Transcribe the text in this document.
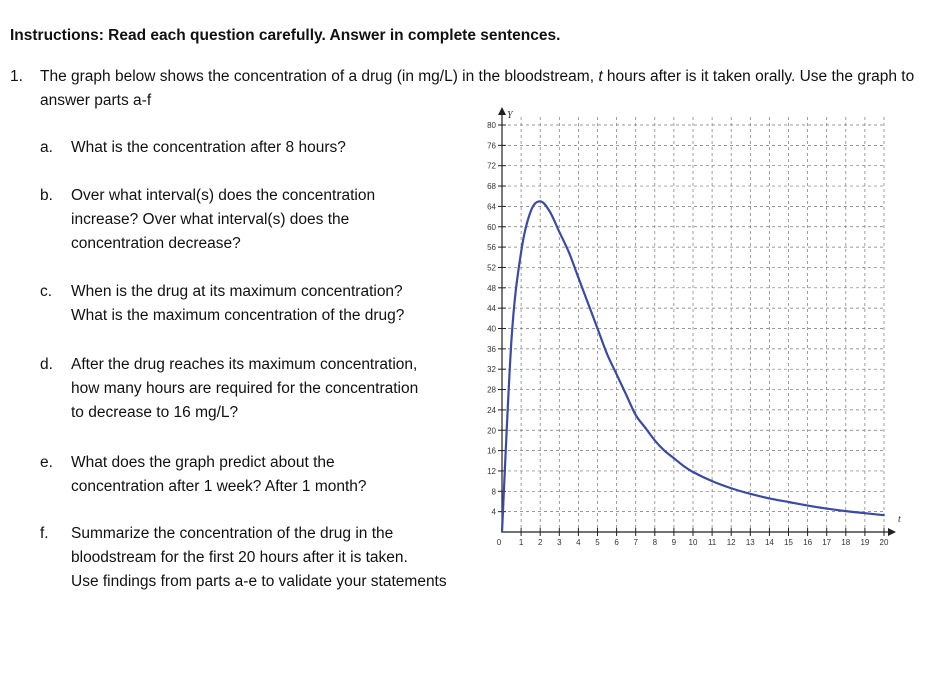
Instructions: Read each question carefully. Answer in complete sentences.
1. The graph below shows the concentration of a drug (in mg/L) in the bloodstream, t hours after is it taken orally. Use the graph to answer parts a-f
a. What is the concentration after 8 hours?
b. Over what interval(s) does the concentration
increase? Over what interval(s) does the
concentration decrease?
c. When is the drug at its maximum concentration?
What is the maximum concentration of the drug?
d. After the drug reaches its maximum concentration,
how many hours are required for the concentration
to decrease to 16 mg/L?
e. What does the graph predict about the
concentration after 1 week? After 1 month?
f. Summarize the concentration of the drug in the
bloodstream for the first 20 hours after it is taken.
Use findings from parts a-e to validate your statements
Y
t
4
8
12
16
20
24
28
32
36
40
44
48
52
56
60
64
68
72
76
80
0 1 2 3 4 5 6 7 8 9 10 11 12 13 14 15 16 17 18 19 20
